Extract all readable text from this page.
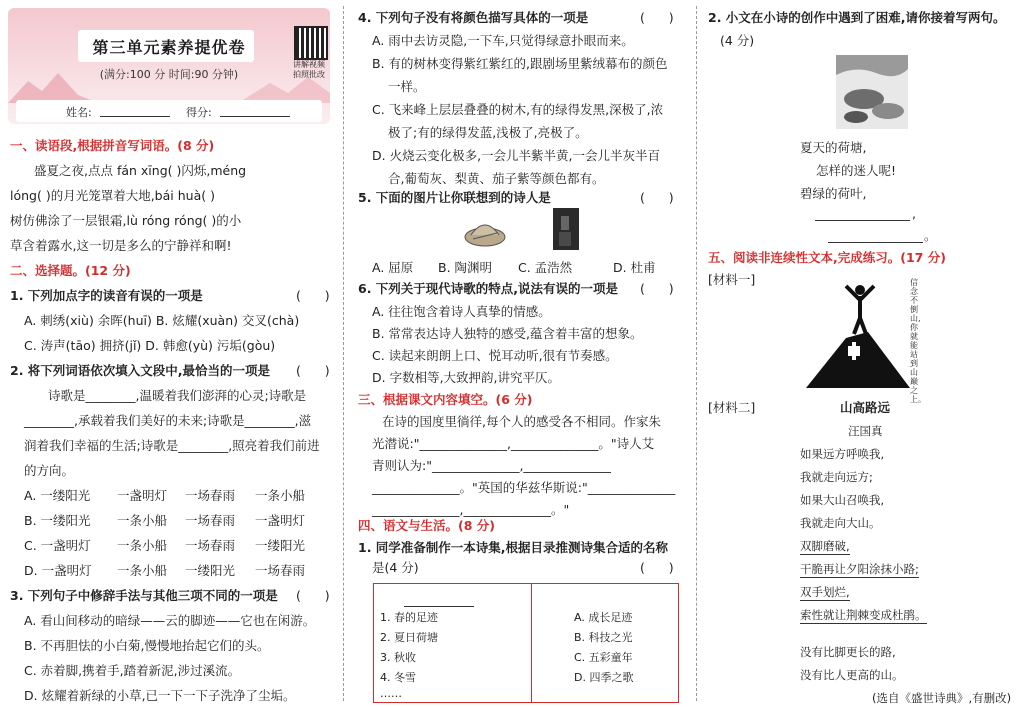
第三单元素养提优卷
(满分:100 分 时间:90 分钟)
讲解视频
拍照批改
姓名:	得分:
一、读语段,根据拼音写词语。(8 分)
盛夏之夜,点点 fán xīng( )闪烁,méng
lóng( )的月光笼罩着大地,bái huà( )
树仿佛涂了一层银霜,lù róng róng( )的小
草含着露水,这一切是多么的宁静祥和啊!
二、选择题。(12 分)
1. 下列加点字的读音有误的一项是	(      )
A. 刺绣(xiù) 余晖(huī) B. 炫耀(xuàn) 交叉(chà)
C. 涛声(tāo) 拥挤(jǐ) D. 韩愈(yù) 污垢(gòu)
2. 将下列词语依次填入文段中,最恰当的一项是 (      )
诗歌是________,温暖着我们澎湃的心灵;诗歌是
________,承载着我们美好的未来;诗歌是________,滋
润着我们幸福的生活;诗歌是________,照亮着我们前进
的方向。
A. 一缕阳光 一盏明灯 一场春雨 一条小船
B. 一缕阳光 一条小船 一场春雨 一盏明灯
C. 一盏明灯 一条小船 一场春雨 一缕阳光
D. 一盏明灯 一条小船 一缕阳光 一场春雨
3. 下列句子中修辞手法与其他三项不同的一项是 (      )
A. 看山间移动的暗绿——云的脚迹——它也在闲游。
B. 不再胆怯的小白菊,慢慢地抬起它们的头。
C. 赤着脚,携着手,踏着新泥,涉过溪流。
D. 炫耀着新绿的小草,已一下一下子洗净了尘垢。
4. 下列句子没有将颜色描写具体的一项是	(      )
A. 雨中去访灵隐,一下车,只觉得绿意扑眼而来。
B. 有的树林变得紫红紫红的,跟剧场里紫绒幕布的颜色
一样。
C. 飞来峰上层层叠叠的树木,有的绿得发黑,深极了,浓
极了;有的绿得发蓝,浅极了,亮极了。
D. 火烧云变化极多,一会儿半紫半黄,一会儿半灰半百
合,葡萄灰、梨黄、茄子紫等颜色都有。
5. 下面的图片让你联想到的诗人是	(      )
A. 屈原 B. 陶渊明 C. 孟浩然	D. 杜甫
6. 下列关于现代诗歌的特点,说法有误的一项是 (      )
A. 往往饱含着诗人真挚的情感。
B. 常常表达诗人独特的感受,蕴含着丰富的想象。
C. 读起来朗朗上口、悦耳动听,很有节奏感。
D. 字数相等,大致押韵,讲究平仄。
三、根据课文内容填空。(6 分)
在诗的国度里徜徉,每个人的感受各不相同。作家朱
光潜说:"______________,______________。"诗人艾
青则认为:"______________,______________
______________。"英国的华兹华斯说:"______________
______________,______________。"
四、语文与生活。(8 分)
1. 同学准备制作一本诗集,根据目录推测诗集合适的名称
是(4 分)	(      )
1. 春的足迹
2. 夏日荷塘
3. 秋收
4. 冬雪
……
A. 成长足迹
B. 科技之光
C. 五彩童年
D. 四季之歌
2. 小文在小诗的创作中遇到了困难,请你接着写两句。
(4 分)
夏天的荷塘,
怎样的迷人呢!
碧绿的荷叶,
,
。
五、阅读非连续性文本,完成练习。(17 分)
[材料一]	信念不倒山,你就能站到山巅之上。
[材料二]	山高路远
汪国真
如果远方呼唤我,
我就走向远方;
如果大山召唤我,
我就走向大山。
双脚磨破,
干脆再让夕阳涂抹小路;
双手划烂,
索性就让荆棘变成杜鹃。
没有比脚更长的路,
没有比人更高的山。
(选自《盛世诗典》,有删改)
